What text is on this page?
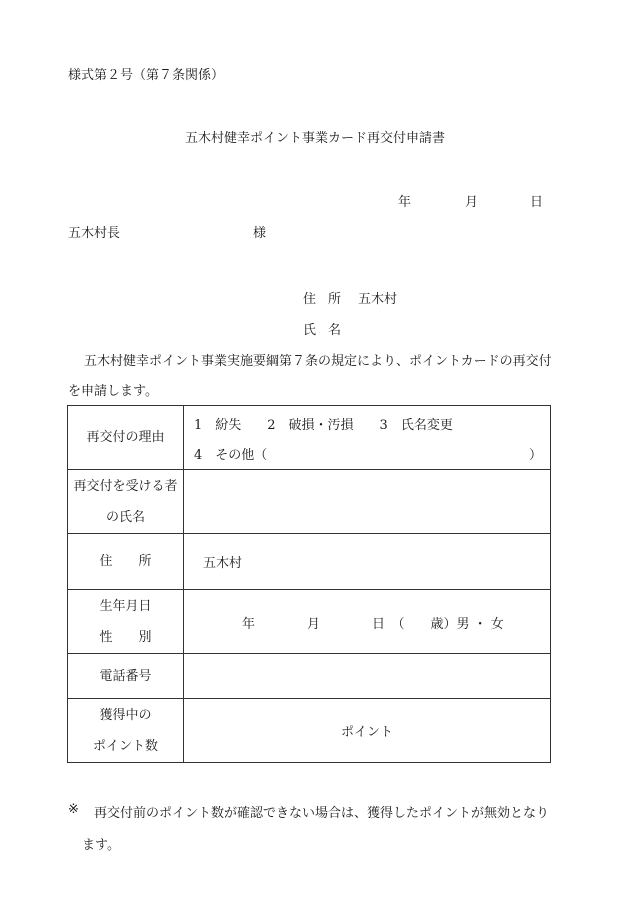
様式第２号（第７条関係）
五木村健幸ポイント事業カード再交付申請書
年	月	日
五木村長	様
住所 五木村
氏名
五木村健幸ポイント事業実施要綱第７条の規定により、ポイントカードの再交付
を申請します。
再交付の理由	1　紛失　　2　破損・汚損　　3　氏名変更
4　その他（ ）

再交付を受ける者
の氏名	

住　　所	五木村

生年月日
性　　別	年　　　　月　　　　日　（　　歳）男 ・ 女

電話番号	

獲得中の
ポイント数	ポイント
※ 再交付前のポイント数が確認できない場合は、獲得したポイントが無効となり
ます。
